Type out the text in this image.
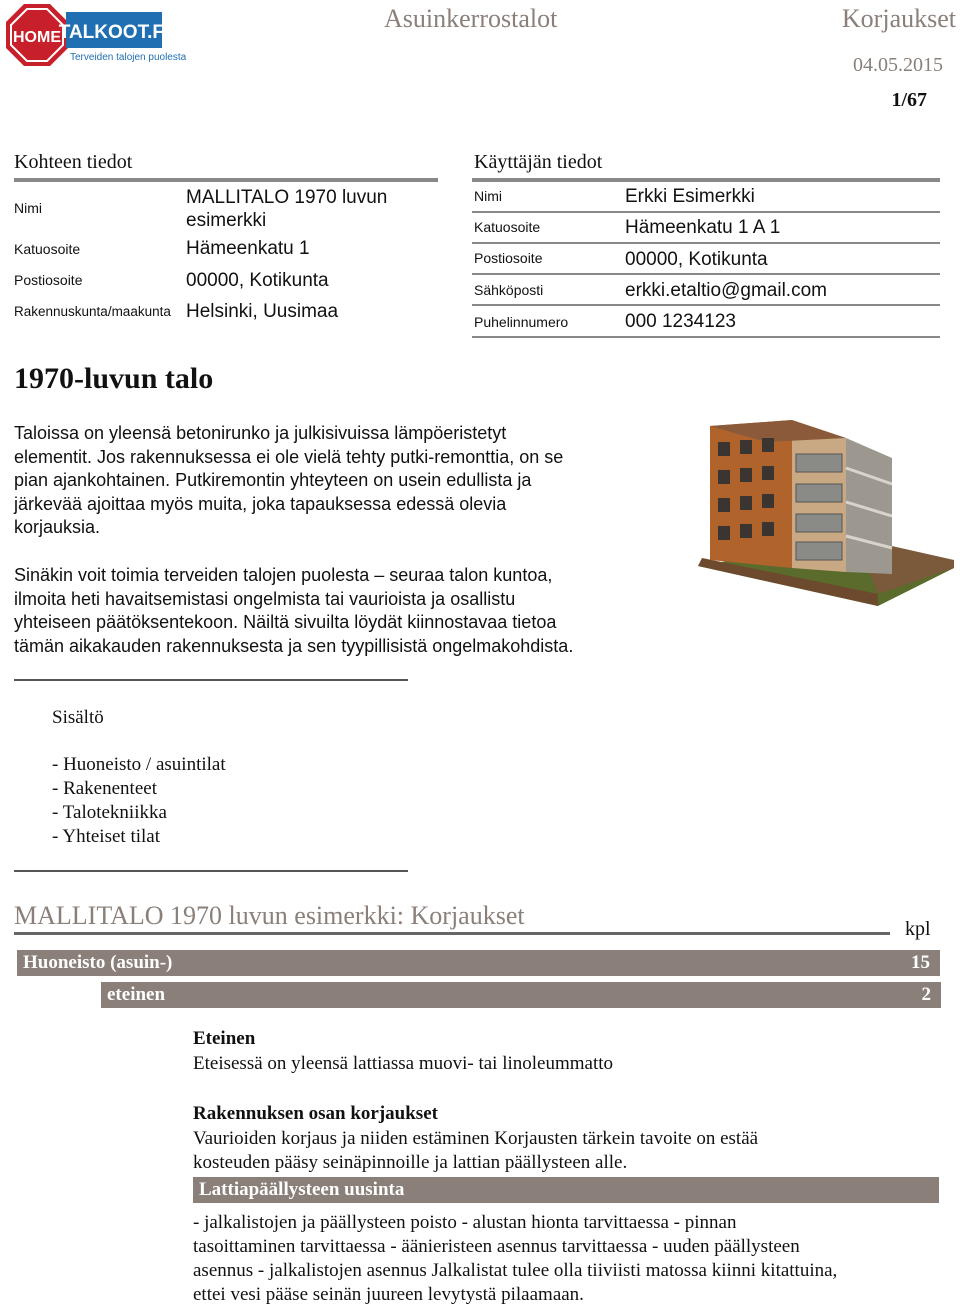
HOME
TALKOOT.FI
Terveiden talojen puolesta
Asuinkerrostalot	Korjaukset
04.05.2015
1/67
Kohteen tiedot
Nimi	MALLITALO 1970 luvun esimerkki
Katuosoite	Hämeenkatu 1
Postiosoite	00000, Kotikunta
Rakennuskunta/maakunta Helsinki, Uusimaa
Käyttäjän tiedot
Nimi	Erkki Esimerkki
Katuosoite	Hämeenkatu 1 A 1
Postiosoite	00000, Kotikunta
Sähköposti	erkki.etaltio@gmail.com
Puhelinnumero	000 1234123
1970-luvun talo
Taloissa on yleensä betonirunko ja julkisivuissa lämpöeristetyt
elementit. Jos rakennuksessa ei ole vielä tehty putki-remonttia, on se
pian ajankohtainen. Putkiremontin yhteyteen on usein edullista ja
järkevää ajoittaa myös muita, joka tapauksessa edessä olevia
korjauksia.
Sinäkin voit toimia terveiden talojen puolesta – seuraa talon kuntoa,
ilmoita heti havaitsemistasi ongelmista tai vaurioista ja osallistu
yhteiseen päätöksentekoon. Näiltä sivuilta löydät kiinnostavaa tietoa
tämän aikakauden rakennuksesta ja sen tyypillisistä ongelmakohdista.
Sisältö
- Huoneisto / asuintilat
- Rakenenteet
- Talotekniikka
- Yhteiset tilat
MALLITALO 1970 luvun esimerkki: Korjaukset	kpl
Huoneisto (asuin-)	15
eteinen	2
Eteinen
Eteisessä on yleensä lattiassa muovi- tai linoleummatto
Rakennuksen osan korjaukset
Vaurioiden korjaus ja niiden estäminen Korjausten tärkein tavoite on estää
kosteuden pääsy seinäpinnoille ja lattian päällysteen alle.
Lattiapäällysteen uusinta
- jalkalistojen ja päällysteen poisto - alustan hionta tarvittaessa - pinnan
tasoittaminen tarvittaessa - äänieristeen asennus tarvittaessa - uuden päällysteen
asennus - jalkalistojen asennus Jalkalistat tulee olla tiiviisti matossa kiinni kitattuina,
ettei vesi pääse seinän juureen levytystä pilaamaan.
